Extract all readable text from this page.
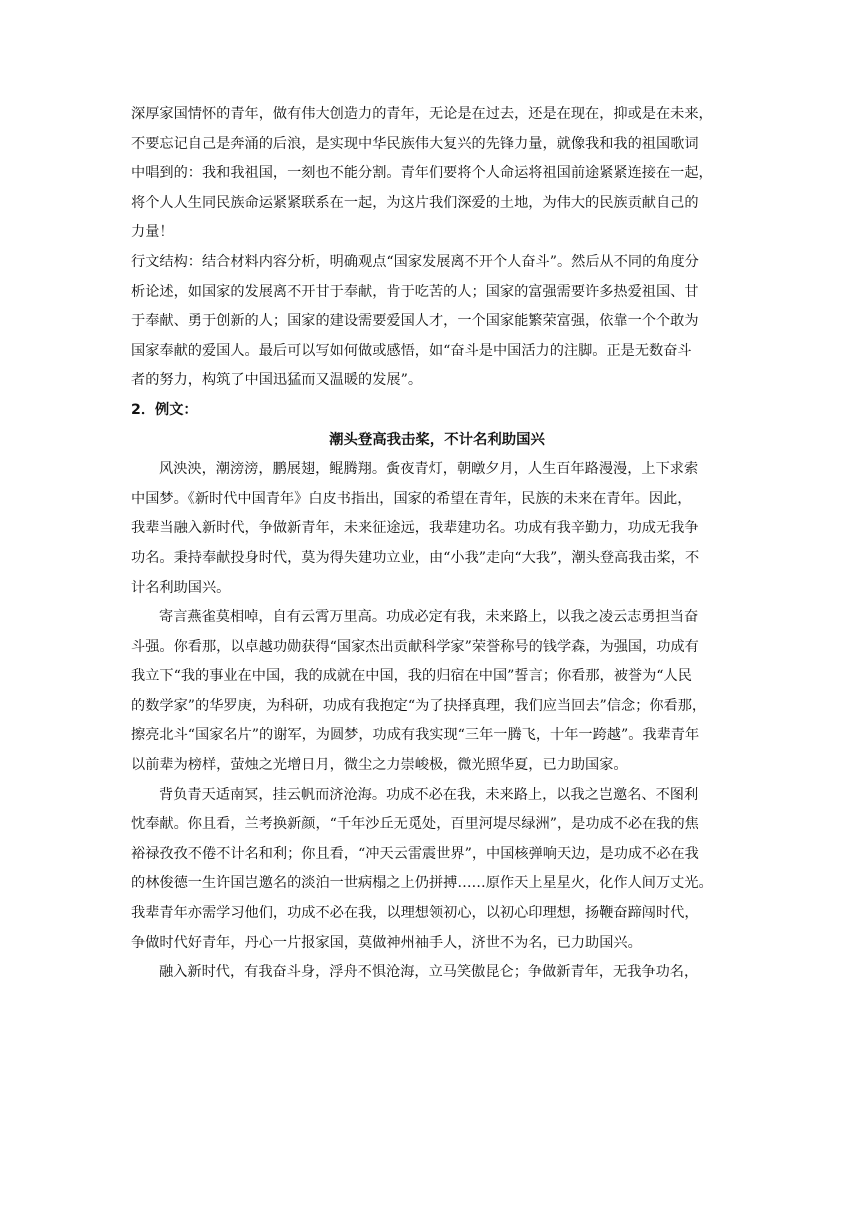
深厚家国情怀的青年，做有伟大创造力的青年，无论是在过去，还是在现在，抑或是在未来，
不要忘记自己是奔涌的后浪，是实现中华民族伟大复兴的先锋力量，就像我和我的祖国歌词
中唱到的：我和我祖国，一刻也不能分割。青年们要将个人命运将祖国前途紧紧连接在一起，
将个人人生同民族命运紧紧联系在一起，为这片我们深爱的土地，为伟大的民族贡献自己的
力量！
行文结构：结合材料内容分析，明确观点“国家发展离不开个人奋斗”。然后从不同的角度分
析论述，如国家的发展离不开甘于奉献，肯于吃苦的人；国家的富强需要许多热爱祖国、甘
于奉献、勇于创新的人；国家的建设需要爱国人才，一个国家能繁荣富强，依靠一个个敢为
国家奉献的爱国人。最后可以写如何做或感悟，如“奋斗是中国活力的注脚。正是无数奋斗
者的努力，构筑了中国迅猛而又温暖的发展”。
2．例文：
潮头登高我击桨，不计名利助国兴
风泱泱，潮滂滂，鹏展翅，鲲腾翔。夤夜青灯，朝暾夕月，人生百年路漫漫，上下求索
中国梦。《新时代中国青年》白皮书指出，国家的希望在青年，民族的未来在青年。因此，
我辈当融入新时代，争做新青年，未来征途远，我辈建功名。功成有我辛勤力，功成无我争
功名。秉持奉献投身时代，莫为得失建功立业，由“小我”走向“大我”，潮头登高我击桨，不
计名利助国兴。
寄言燕雀莫相啅，自有云霄万里高。功成必定有我，未来路上，以我之凌云志勇担当奋
斗强。你看那，以卓越功勋获得“国家杰出贡献科学家”荣誉称号的钱学森，为强国，功成有
我立下“我的事业在中国，我的成就在中国，我的归宿在中国”誓言；你看那，被誉为“人民
的数学家”的华罗庚，为科研，功成有我抱定“为了抉择真理，我们应当回去”信念；你看那，
擦亮北斗“国家名片”的谢军，为圆梦，功成有我实现“三年一腾飞，十年一跨越”。我辈青年
以前辈为榜样，萤烛之光增日月，微尘之力崇峻极，微光照华夏，已力助国家。
背负青天适南冥，挂云帆而济沧海。功成不必在我，未来路上，以我之岂邀名、不图利
忱奉献。你且看，兰考换新颜，“千年沙丘无觅处，百里河堤尽绿洲”，是功成不必在我的焦
裕禄孜孜不倦不计名和利；你且看，“冲天云雷震世界”，中国核弹响天边，是功成不必在我
的林俊德一生许国岂邀名的淡泊一世病榻之上仍拼搏……原作天上星星火，化作人间万丈光。
我辈青年亦需学习他们，功成不必在我，以理想领初心，以初心印理想，扬鞭奋蹄闯时代，
争做时代好青年，丹心一片报家国，莫做神州袖手人，济世不为名，已力助国兴。
融入新时代，有我奋斗身，浮舟不惧沧海，立马笑傲昆仑；争做新青年，无我争功名，
